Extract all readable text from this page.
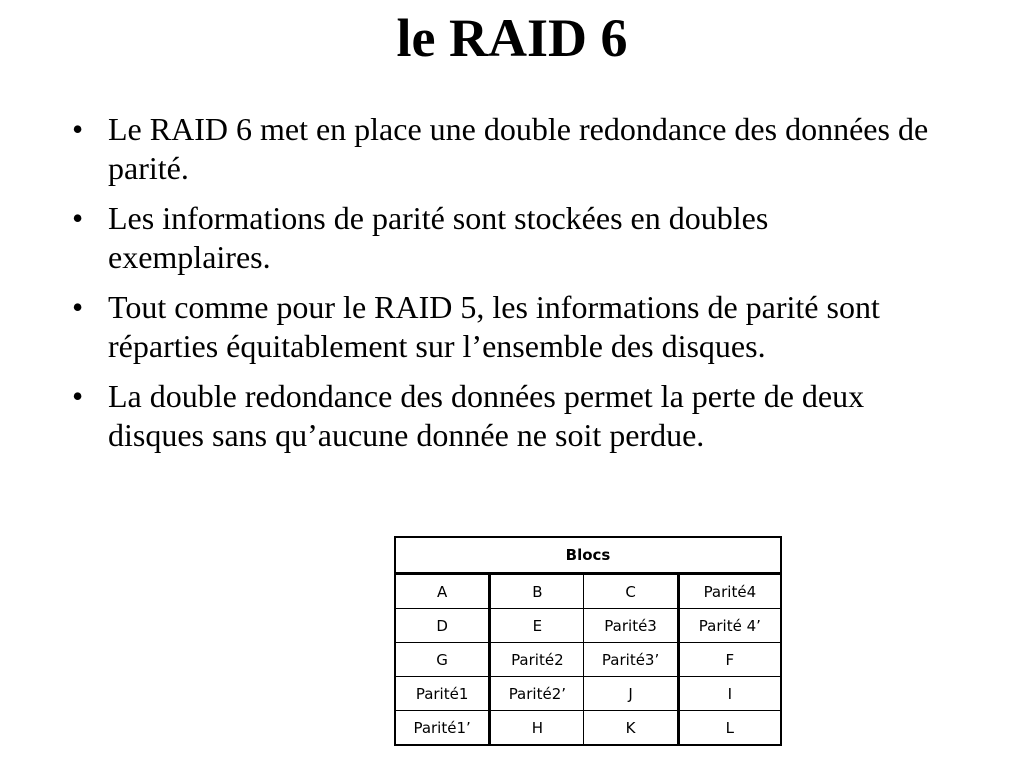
le RAID 6
• Le RAID 6 met en place une double redondance des données de parité.
• Les informations de parité sont stockées en doubles exemplaires.
• Tout comme pour le RAID 5, les informations de parité sont réparties équitablement sur l’ensemble des disques.
• La double redondance des données permet la perte de deux disques sans qu’aucune donnée ne soit perdue.
Blocs			
A	B	C	Parité4
D	E	Parité3	Parité 4’
G	Parité2	Parité3’	F
Parité1	Parité2’	J	I
Parité1’	H	K	L
